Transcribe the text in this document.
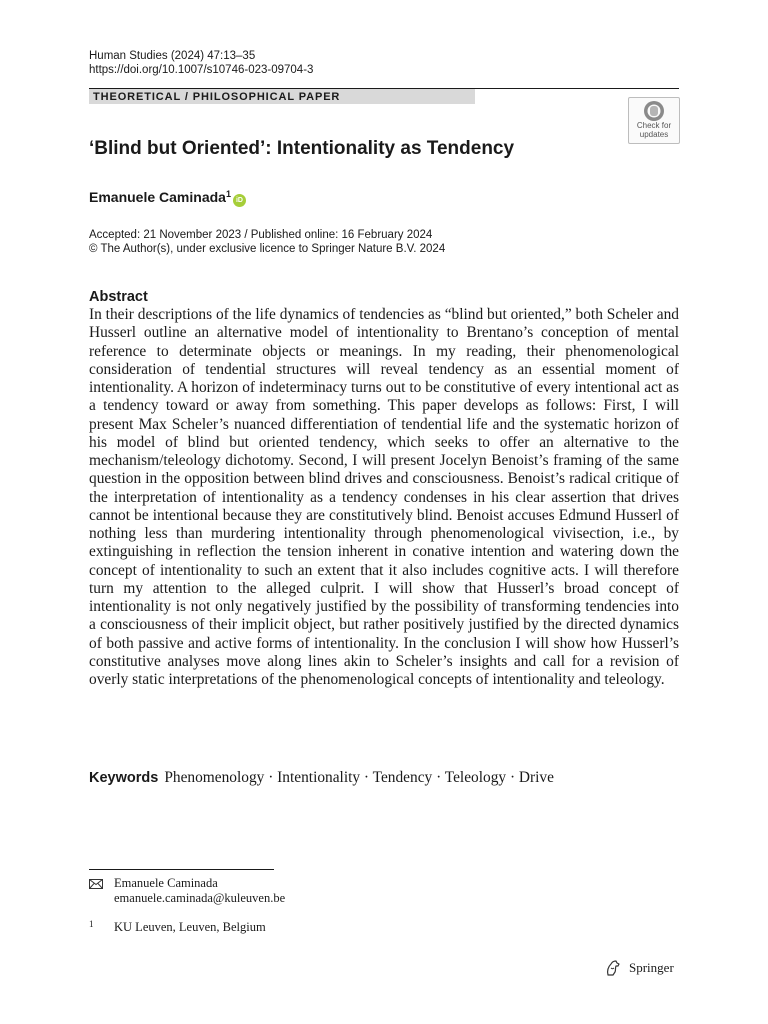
Human Studies (2024) 47:13–35
https://doi.org/10.1007/s10746-023-09704-3
THEORETICAL / PHILOSOPHICAL PAPER
Check for
updates
‘Blind but Oriented’: Intentionality as Tendency
Emanuele Caminada$^1$iD
Accepted: 21 November 2023 / Published online: 16 February 2024
© The Author(s), under exclusive licence to Springer Nature B.V. 2024
Abstract
In their descriptions of the life dynamics of tendencies as “blind but oriented,” both Scheler and Husserl outline an alternative model of intentionality to Brentano’s conception of mental reference to determinate objects or meanings. In my reading, their phenomenological consideration of tendential structures will reveal tendency as an essential moment of intentionality. A horizon of indeterminacy turns out to be constitutive of every intentional act as a tendency toward or away from something. This paper develops as follows: First, I will present Max Scheler’s nuanced differentiation of tendential life and the systematic horizon of his model of blind but oriented tendency, which seeks to offer an alternative to the mechanism/teleology dichotomy. Second, I will present Jocelyn Benoist’s framing of the same question in the opposition between blind drives and consciousness. Benoist’s radical critique of the interpretation of intentionality as a tendency condenses in his clear assertion that drives cannot be intentional because they are constitutively blind. Benoist accuses Edmund Husserl of nothing less than murdering intentionality through phenomenological vivisection, i.e., by extinguishing in reflection the tension inherent in conative intention and watering down the concept of intentionality to such an extent that it also includes cognitive acts. I will therefore turn my attention to the alleged culprit. I will show that Husserl’s broad concept of intentionality is not only negatively justified by the possibility of transforming tendencies into a consciousness of their implicit object, but rather positively justified by the directed dynamics of both passive and active forms of intentionality. In the conclusion I will show how Husserl’s constitutive analyses move along lines akin to Scheler’s insights and call for a revision of overly static interpretations of the phenomenological concepts of intentionality and teleology.
Keywords Phenomenology · Intentionality · Tendency · Teleology · Drive
Emanuele Caminada
emanuele.caminada@kuleuven.be
1 KU Leuven, Leuven, Belgium
Springer
